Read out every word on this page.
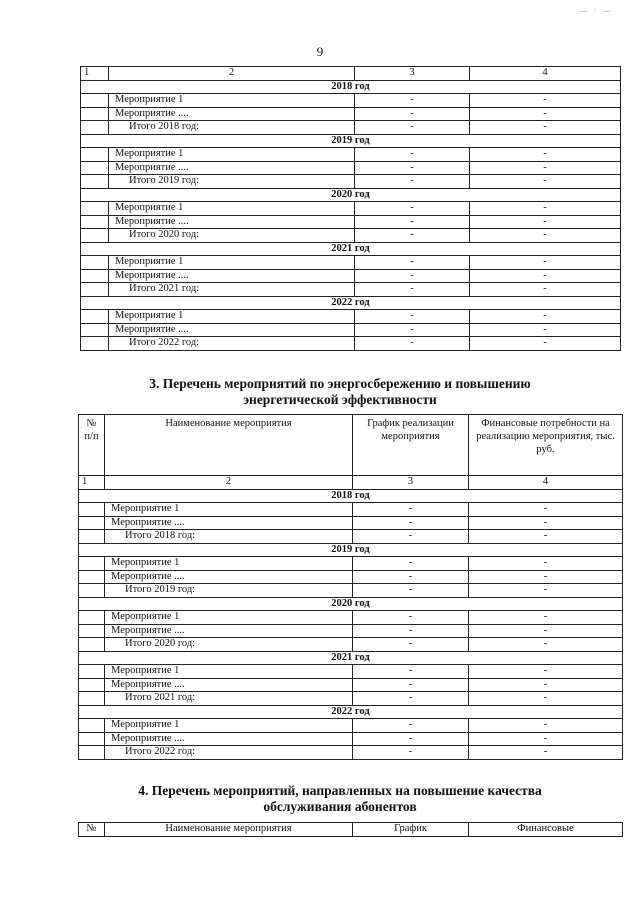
— · —
9
1	2	3	4
2018 год			
	Мероприятие 1	-	-
	Мероприятие ....	-	-
	Итого 2018 год:	-	-
2019 год			
	Мероприятие 1	-	-
	Мероприятие ....	-	-
	Итого 2019 год:	-	-
2020 год			
	Мероприятие 1	-	-
	Мероприятие ....	-	-
	Итого 2020 год:	-	-
2021 год			
	Мероприятие 1	-	-
	Мероприятие ....	-	-
	Итого 2021 год:	-	-
2022 год			
	Мероприятие 1	-	-
	Мероприятие ....	-	-
	Итого 2022 год:	-	-
3. Перечень мероприятий по энергосбережению и повышению
энергетической эффективности
№ п/п	Наименование мероприятия	График реализации мероприятия	Финансовые потребности на реализацию мероприятия, тыс. руб.
1	2	3	4
2018 год			
	Мероприятие 1	-	-
	Мероприятие ....	-	-
	Итого 2018 год:	-	-
2019 год			
	Мероприятие 1	-	-
	Мероприятие ....	-	-
	Итого 2019 год:	-	-
2020 год			
	Мероприятие 1	-	-
	Мероприятие ....	-	-
	Итого 2020 год:	-	-
2021 год			
	Мероприятие 1	-	-
	Мероприятие ....	-	-
	Итого 2021 год:	-	-
2022 год			
	Мероприятие 1	-	-
	Мероприятие ....	-	-
	Итого 2022 год:	-	-
4. Перечень мероприятий, направленных на повышение качества
обслуживания абонентов
№	Наименование мероприятия	График	Финансовые
